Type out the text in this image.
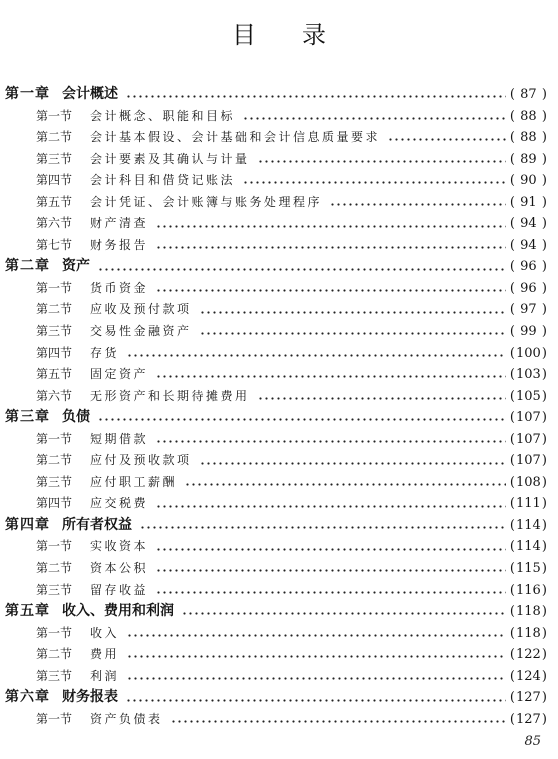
目录
第一章 会计概述	( 87 )
第一节 会计概念、职能和目标	( 88 )
第二节 会计基本假设、会计基础和会计信息质量要求	( 88 )
第三节 会计要素及其确认与计量	( 89 )
第四节 会计科目和借贷记账法	( 90 )
第五节 会计凭证、会计账簿与账务处理程序	( 91 )
第六节 财产清查	( 94 )
第七节 财务报告	( 94 )
第二章 资产	( 96 )
第一节 货币资金	( 96 )
第二节 应收及预付款项	( 97 )
第三节 交易性金融资产	( 99 )
第四节 存货	( 100 )
第五节 固定资产	( 103 )
第六节 无形资产和长期待摊费用	( 105 )
第三章 负债	( 107 )
第一节 短期借款	( 107 )
第二节 应付及预收款项	( 107 )
第三节 应付职工薪酬	( 108 )
第四节 应交税费	( 111 )
第四章 所有者权益	( 114 )
第一节 实收资本	( 114 )
第二节 资本公积	( 115 )
第三节 留存收益	( 116 )
第五章 收入、费用和利润	( 118 )
第一节 收入	( 118 )
第二节 费用	( 122 )
第三节 利润	( 124 )
第六章 财务报表	( 127 )
第一节 资产负债表	( 127 )
85
